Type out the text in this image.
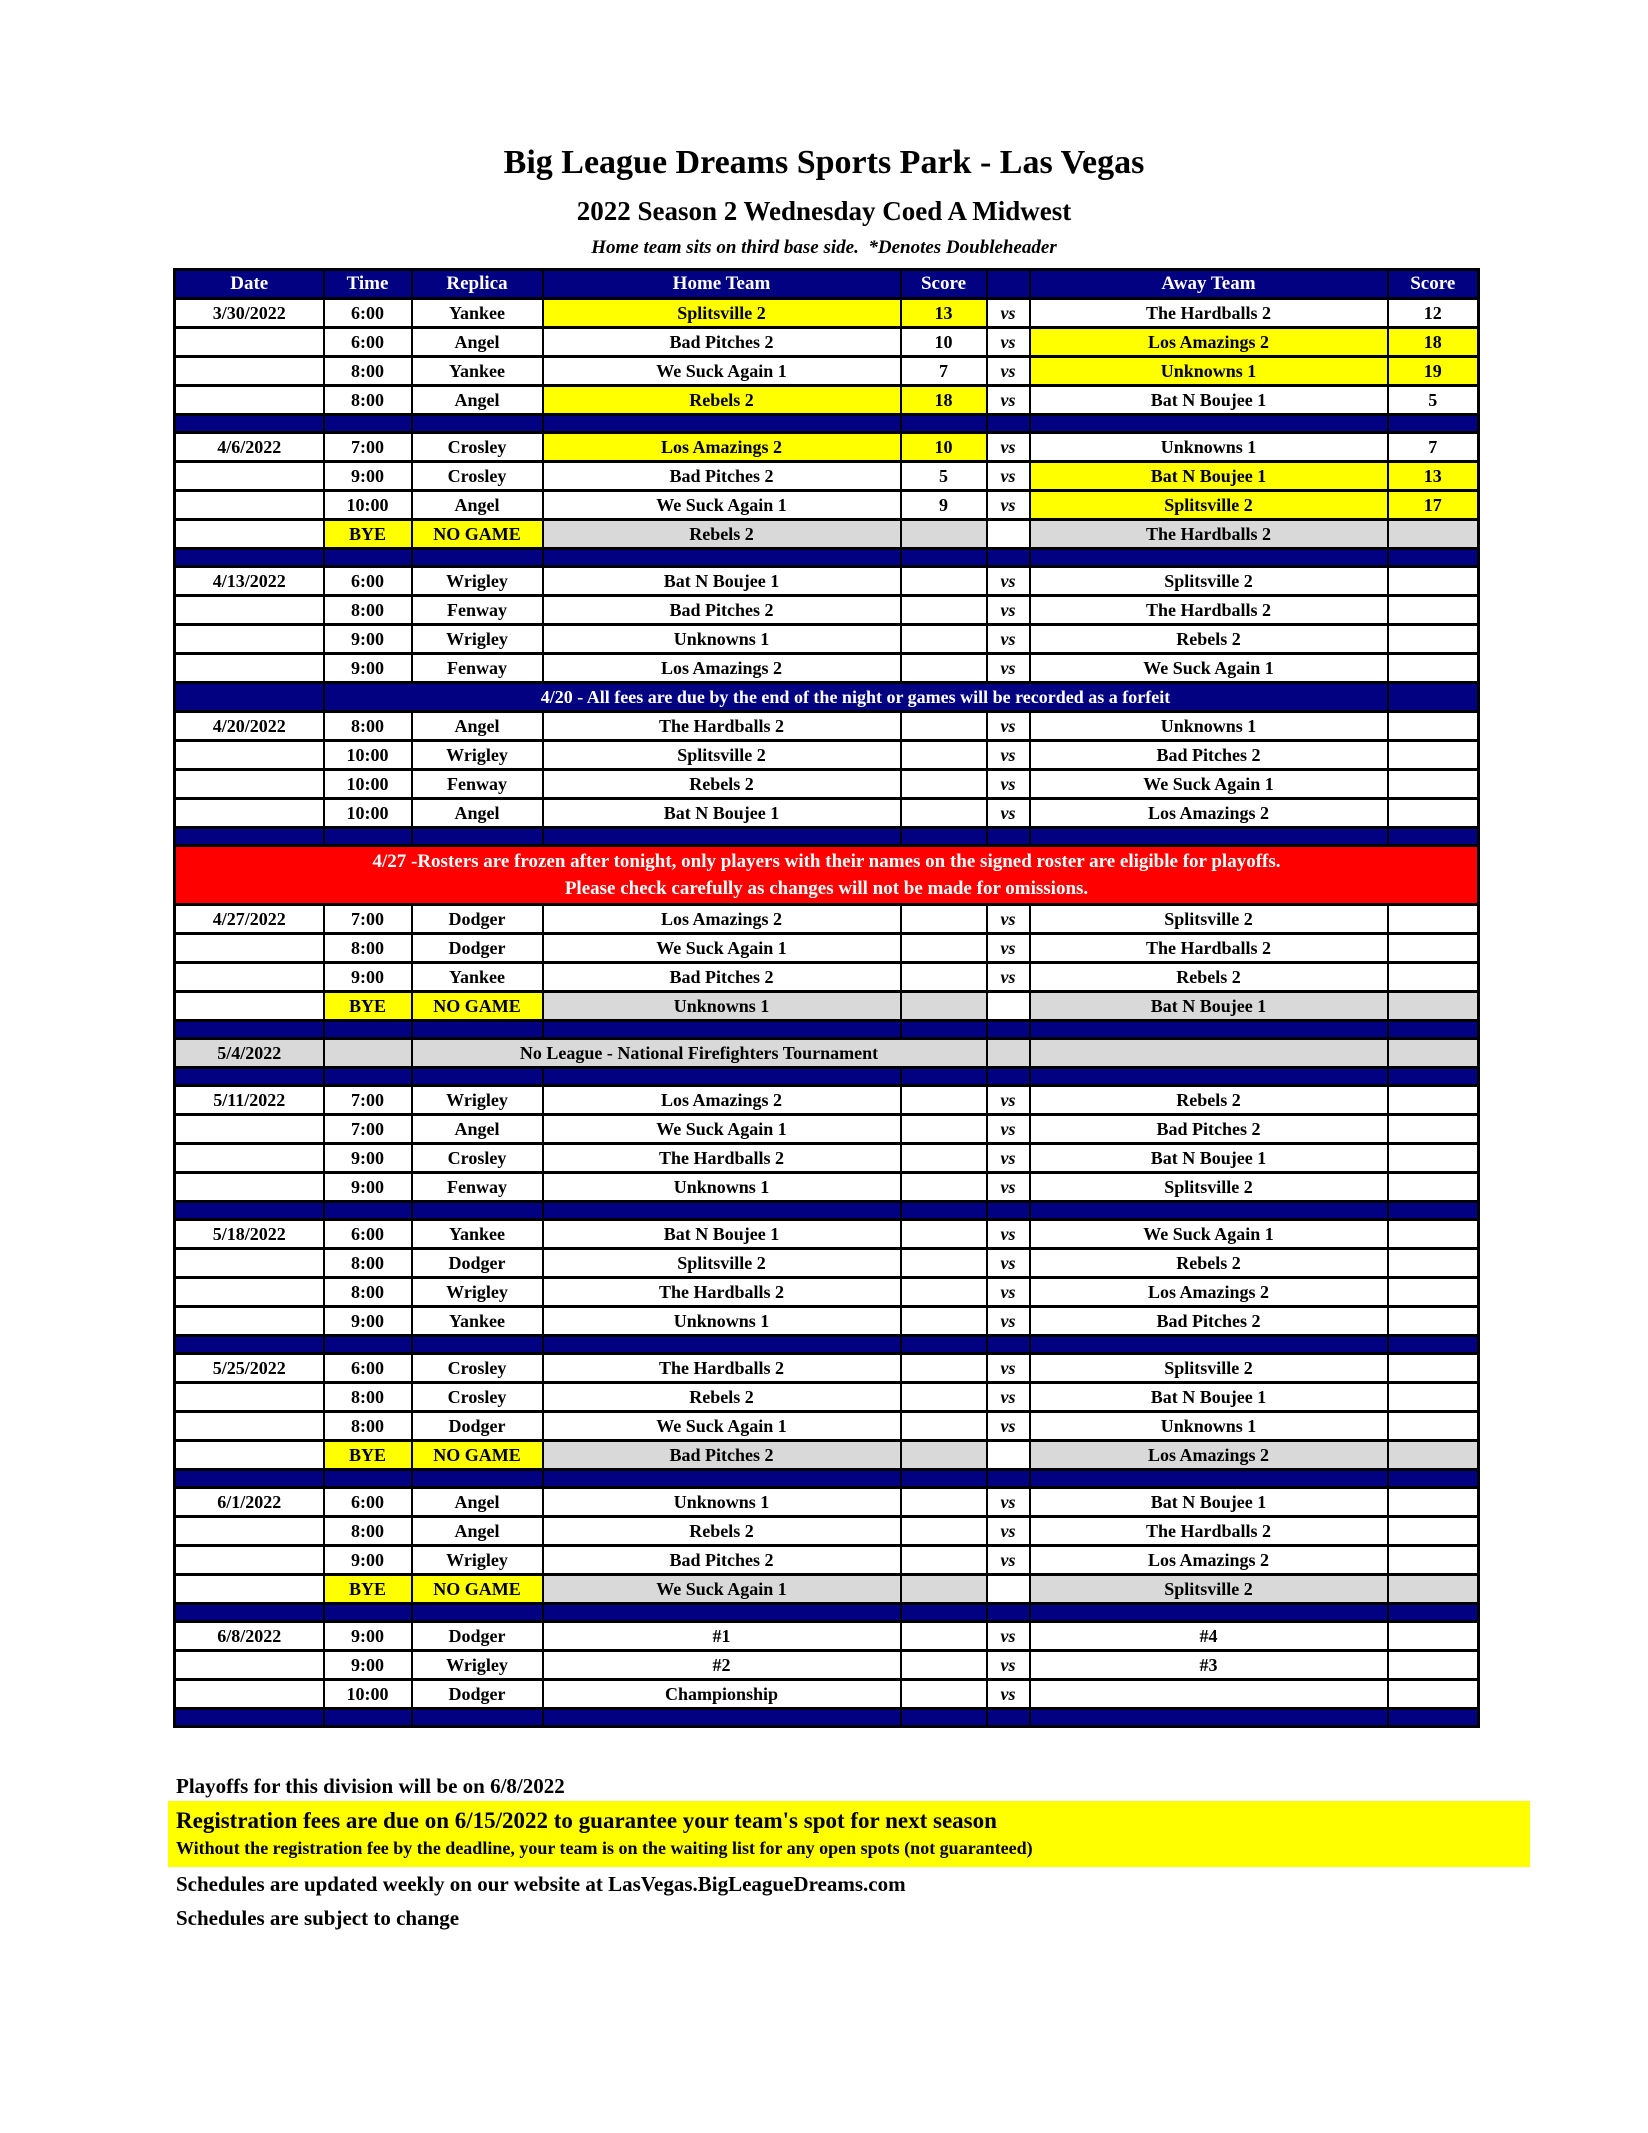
Big League Dreams Sports Park - Las Vegas
2022 Season 2 Wednesday Coed A Midwest
Home team sits on third base side.  *Denotes Doubleheader
Date	Time	Replica	Home Team	Score		Away Team	Score
3/30/2022	6:00	Yankee	Splitsville 2	13	vs	The Hardballs 2	12
	6:00	Angel	Bad Pitches 2	10	vs	Los Amazings 2	18
	8:00	Yankee	We Suck Again 1	7	vs	Unknowns 1	19
	8:00	Angel	Rebels 2	18	vs	Bat N Boujee 1	5

4/6/2022	7:00	Crosley	Los Amazings 2	10	vs	Unknowns 1	7
	9:00	Crosley	Bad Pitches 2	5	vs	Bat N Boujee 1	13
	10:00	Angel	We Suck Again 1	9	vs	Splitsville 2	17
	BYE	NO GAME	Rebels 2			The Hardballs 2	

4/13/2022	6:00	Wrigley	Bat N Boujee 1		vs	Splitsville 2	
	8:00	Fenway	Bad Pitches 2		vs	The Hardballs 2	
	9:00	Wrigley	Unknowns 1		vs	Rebels 2	
	9:00	Fenway	Los Amazings 2		vs	We Suck Again 1	
	4/20 - All fees are due by the end of the night or games will be recorded as a forfeit						
4/20/2022	8:00	Angel	The Hardballs 2		vs	Unknowns 1	
	10:00	Wrigley	Splitsville 2		vs	Bad Pitches 2	
	10:00	Fenway	Rebels 2		vs	We Suck Again 1	
	10:00	Angel	Bat N Boujee 1		vs	Los Amazings 2	

4/27 -Rosters are frozen after tonight, only players with their names on the signed roster are eligible for playoffs.
Please check carefully as changes will not be made for omissions.							

4/27/2022	7:00	Dodger	Los Amazings 2		vs	Splitsville 2	
	8:00	Dodger	We Suck Again 1		vs	The Hardballs 2	
	9:00	Yankee	Bad Pitches 2		vs	Rebels 2	
	BYE	NO GAME	Unknowns 1			Bat N Boujee 1	

5/4/2022		No League - National Firefighters Tournament					

5/11/2022	7:00	Wrigley	Los Amazings 2		vs	Rebels 2	
	7:00	Angel	We Suck Again 1		vs	Bad Pitches 2	
	9:00	Crosley	The Hardballs 2		vs	Bat N Boujee 1	
	9:00	Fenway	Unknowns 1		vs	Splitsville 2	

5/18/2022	6:00	Yankee	Bat N Boujee 1		vs	We Suck Again 1	
	8:00	Dodger	Splitsville 2		vs	Rebels 2	
	8:00	Wrigley	The Hardballs 2		vs	Los Amazings 2	
	9:00	Yankee	Unknowns 1		vs	Bad Pitches 2	

5/25/2022	6:00	Crosley	The Hardballs 2		vs	Splitsville 2	
	8:00	Crosley	Rebels 2		vs	Bat N Boujee 1	
	8:00	Dodger	We Suck Again 1		vs	Unknowns 1	
	BYE	NO GAME	Bad Pitches 2			Los Amazings 2	

6/1/2022	6:00	Angel	Unknowns 1		vs	Bat N Boujee 1	
	8:00	Angel	Rebels 2		vs	The Hardballs 2	
	9:00	Wrigley	Bad Pitches 2		vs	Los Amazings 2	
	BYE	NO GAME	We Suck Again 1			Splitsville 2	

6/8/2022	9:00	Dodger	#1		vs	#4	
	9:00	Wrigley	#2		vs	#3	
	10:00	Dodger	Championship		vs		

Playoffs for this division will be on 6/8/2022
Registration fees are due on 6/15/2022 to guarantee your team's spot for next season
Without the registration fee by the deadline, your team is on the waiting list for any open spots (not guaranteed)
Schedules are updated weekly on our website at LasVegas.BigLeagueDreams.com
Schedules are subject to change
